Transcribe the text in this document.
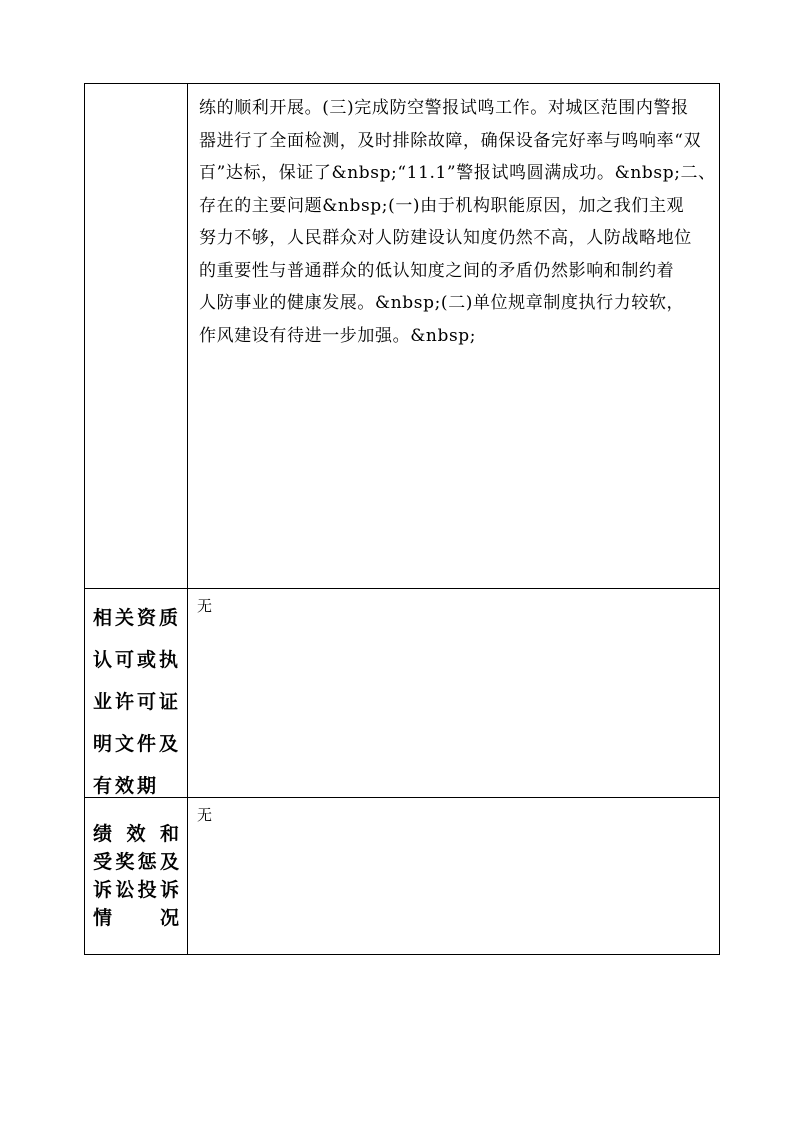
练的顺利开展。(三)完成防空警报试鸣工作。对城区范围内警报
器进行了全面检测，及时排除故障，确保设备完好率与鸣响率“双
百”达标，保证了&nbsp;“11.1”警报试鸣圆满成功。&nbsp;二、
存在的主要问题&nbsp;(一)由于机构职能原因，加之我们主观
努力不够，人民群众对人防建设认知度仍然不高，人防战略地位
的重要性与普通群众的低认知度之间的矛盾仍然影响和制约着
人防事业的健康发展。&nbsp;(二)单位规章制度执行力较软，
作风建设有待进一步加强。&nbsp;
相关资质
认可或执
业许可证
明文件及
有效期
无
绩 效 和
受 奖 惩 及
诉 讼 投 诉
情	况
无
